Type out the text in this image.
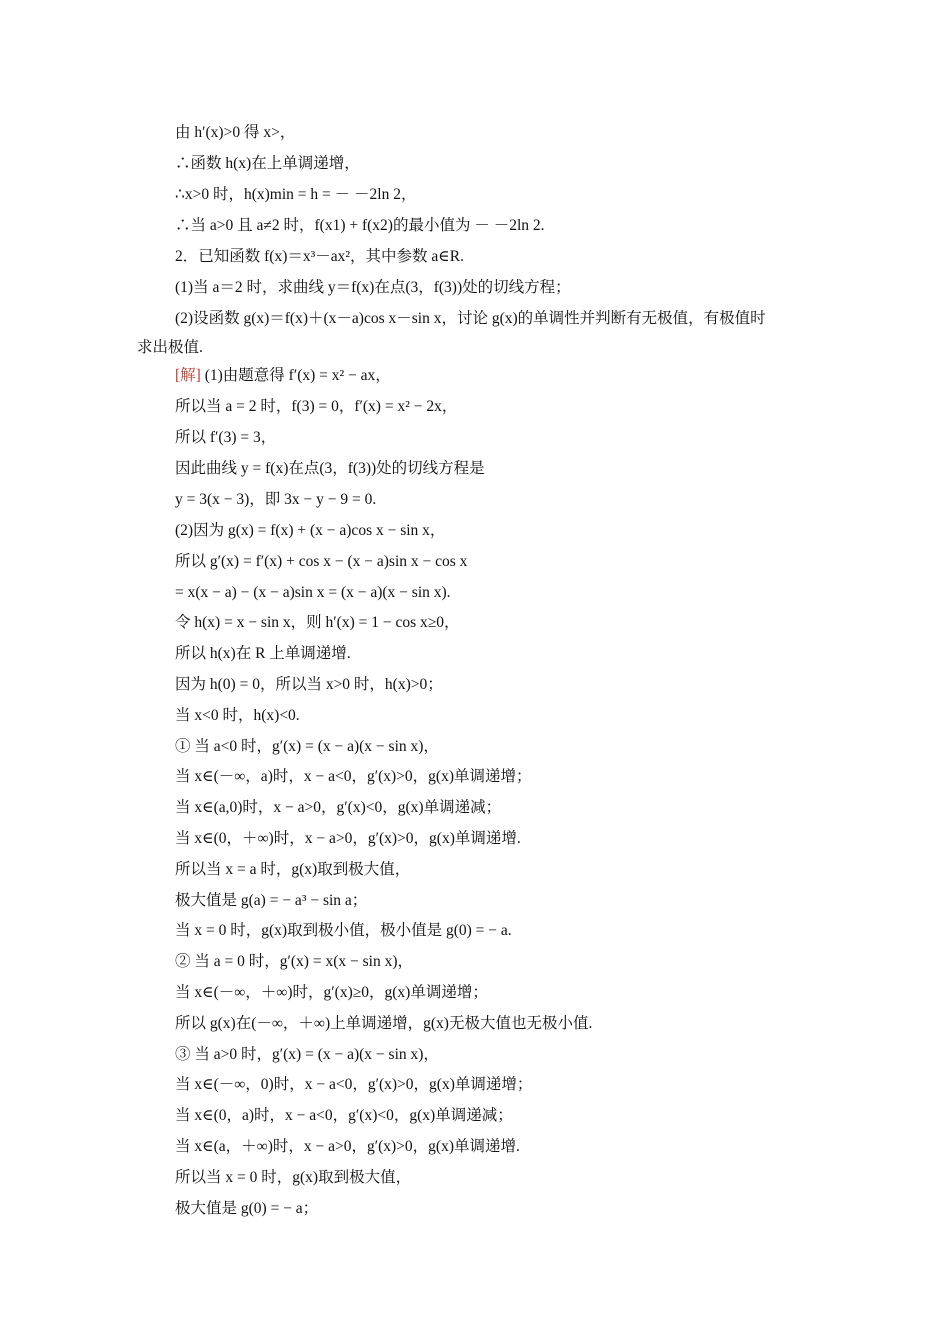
由 h′(x)>0 得 x>，
∴函数 h(x)在上单调递增，
∴x>0 时，h(x)min = h = － －2ln 2，
∴当 a>0 且 a≠2 时，f(x1) + f(x2)的最小值为 － －2ln 2.
2．已知函数 f(x)＝x³－ax²，其中参数 a∈R.
(1)当 a＝2 时，求曲线 y＝f(x)在点(3，f(3))处的切线方程；
(2)设函数 g(x)＝f(x)＋(x－a)cos x－sin x，讨论 g(x)的单调性并判断有无极值，有极值时
求出极值.
[解] (1)由题意得 f′(x) = x² − ax，
所以当 a = 2 时，f(3) = 0，f′(x) = x² − 2x，
所以 f′(3) = 3，
因此曲线 y = f(x)在点(3，f(3))处的切线方程是
y = 3(x − 3)，即 3x − y − 9 = 0.
(2)因为 g(x) = f(x) + (x − a)cos x − sin x，
所以 g′(x) = f′(x) + cos x − (x − a)sin x − cos x
= x(x − a) − (x − a)sin x = (x − a)(x − sin x).
令 h(x) = x − sin x，则 h′(x) = 1 − cos x≥0，
所以 h(x)在 R 上单调递增.
因为 h(0) = 0，所以当 x>0 时，h(x)>0；
当 x<0 时，h(x)<0.
① 当 a<0 时，g′(x) = (x − a)(x − sin x)，
当 x∈(－∞，a)时，x − a<0，g′(x)>0，g(x)单调递增；
当 x∈(a,0)时，x − a>0，g′(x)<0，g(x)单调递减；
当 x∈(0，＋∞)时，x − a>0，g′(x)>0，g(x)单调递增.
所以当 x = a 时，g(x)取到极大值，
极大值是 g(a) = − a³ − sin a；
当 x = 0 时，g(x)取到极小值，极小值是 g(0) = − a.
② 当 a = 0 时，g′(x) = x(x − sin x)，
当 x∈(－∞，＋∞)时，g′(x)≥0，g(x)单调递增；
所以 g(x)在(－∞，＋∞)上单调递增，g(x)无极大值也无极小值.
③ 当 a>0 时，g′(x) = (x − a)(x − sin x)，
当 x∈(－∞，0)时，x − a<0，g′(x)>0，g(x)单调递增；
当 x∈(0，a)时，x − a<0，g′(x)<0，g(x)单调递减；
当 x∈(a，＋∞)时，x − a>0，g′(x)>0，g(x)单调递增.
所以当 x = 0 时，g(x)取到极大值，
极大值是 g(0) = − a；
